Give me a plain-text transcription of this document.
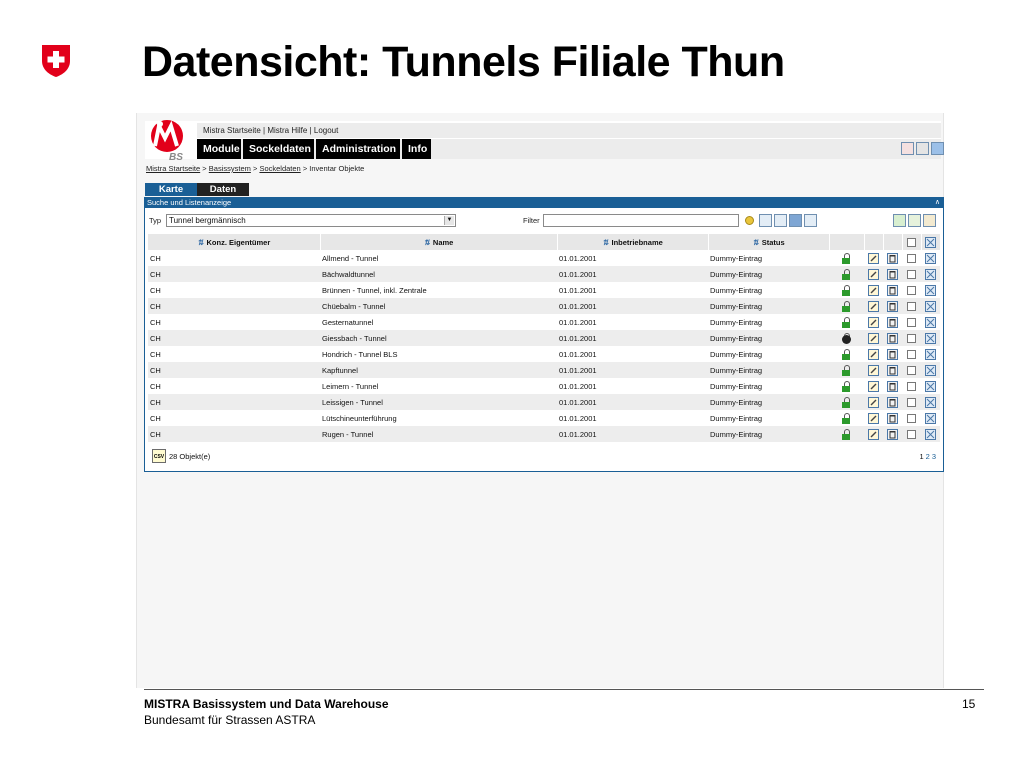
Datensicht: Tunnels Filiale Thun
BS
Mistra Startseite | Mistra Hilfe | Logout
Module Sockeldaten	Administration	Info
Mistra Startseite > Basissystem > Sockeldaten > Inventar Objekte
Karte	Daten
Suche und Listenanzeige	∧
Typ Tunnel bergmännisch	▼	Filter
⇅ Konz. Eigentümer	⇅ Name	⇅ Inbetriebname	⇅ Status					
CH	Allmend - Tunnel	01.01.2001	Dummy-Eintrag	

CH	Bächwaldtunnel	01.01.2001	Dummy-Eintrag	

CH	Brünnen - Tunnel, inkl. Zentrale	01.01.2001	Dummy-Eintrag	

CH	Chüebalm - Tunnel	01.01.2001	Dummy-Eintrag	

CH	Gesternatunnel	01.01.2001	Dummy-Eintrag	

CH	Giessbach - Tunnel	01.01.2001	Dummy-Eintrag	

CH	Hondrich - Tunnel BLS	01.01.2001	Dummy-Eintrag	

CH	Kapftunnel	01.01.2001	Dummy-Eintrag	

CH	Leimern - Tunnel	01.01.2001	Dummy-Eintrag	

CH	Leissigen - Tunnel	01.01.2001	Dummy-Eintrag	

CH	Lütschineunterführung	01.01.2001	Dummy-Eintrag	

CH	Rugen - Tunnel	01.01.2001	Dummy-Eintrag	

CSV 28 Objekt(e)	1 2 3
MISTRA Basissystem und Data Warehouse
Bundesamt für Strassen ASTRA
15
